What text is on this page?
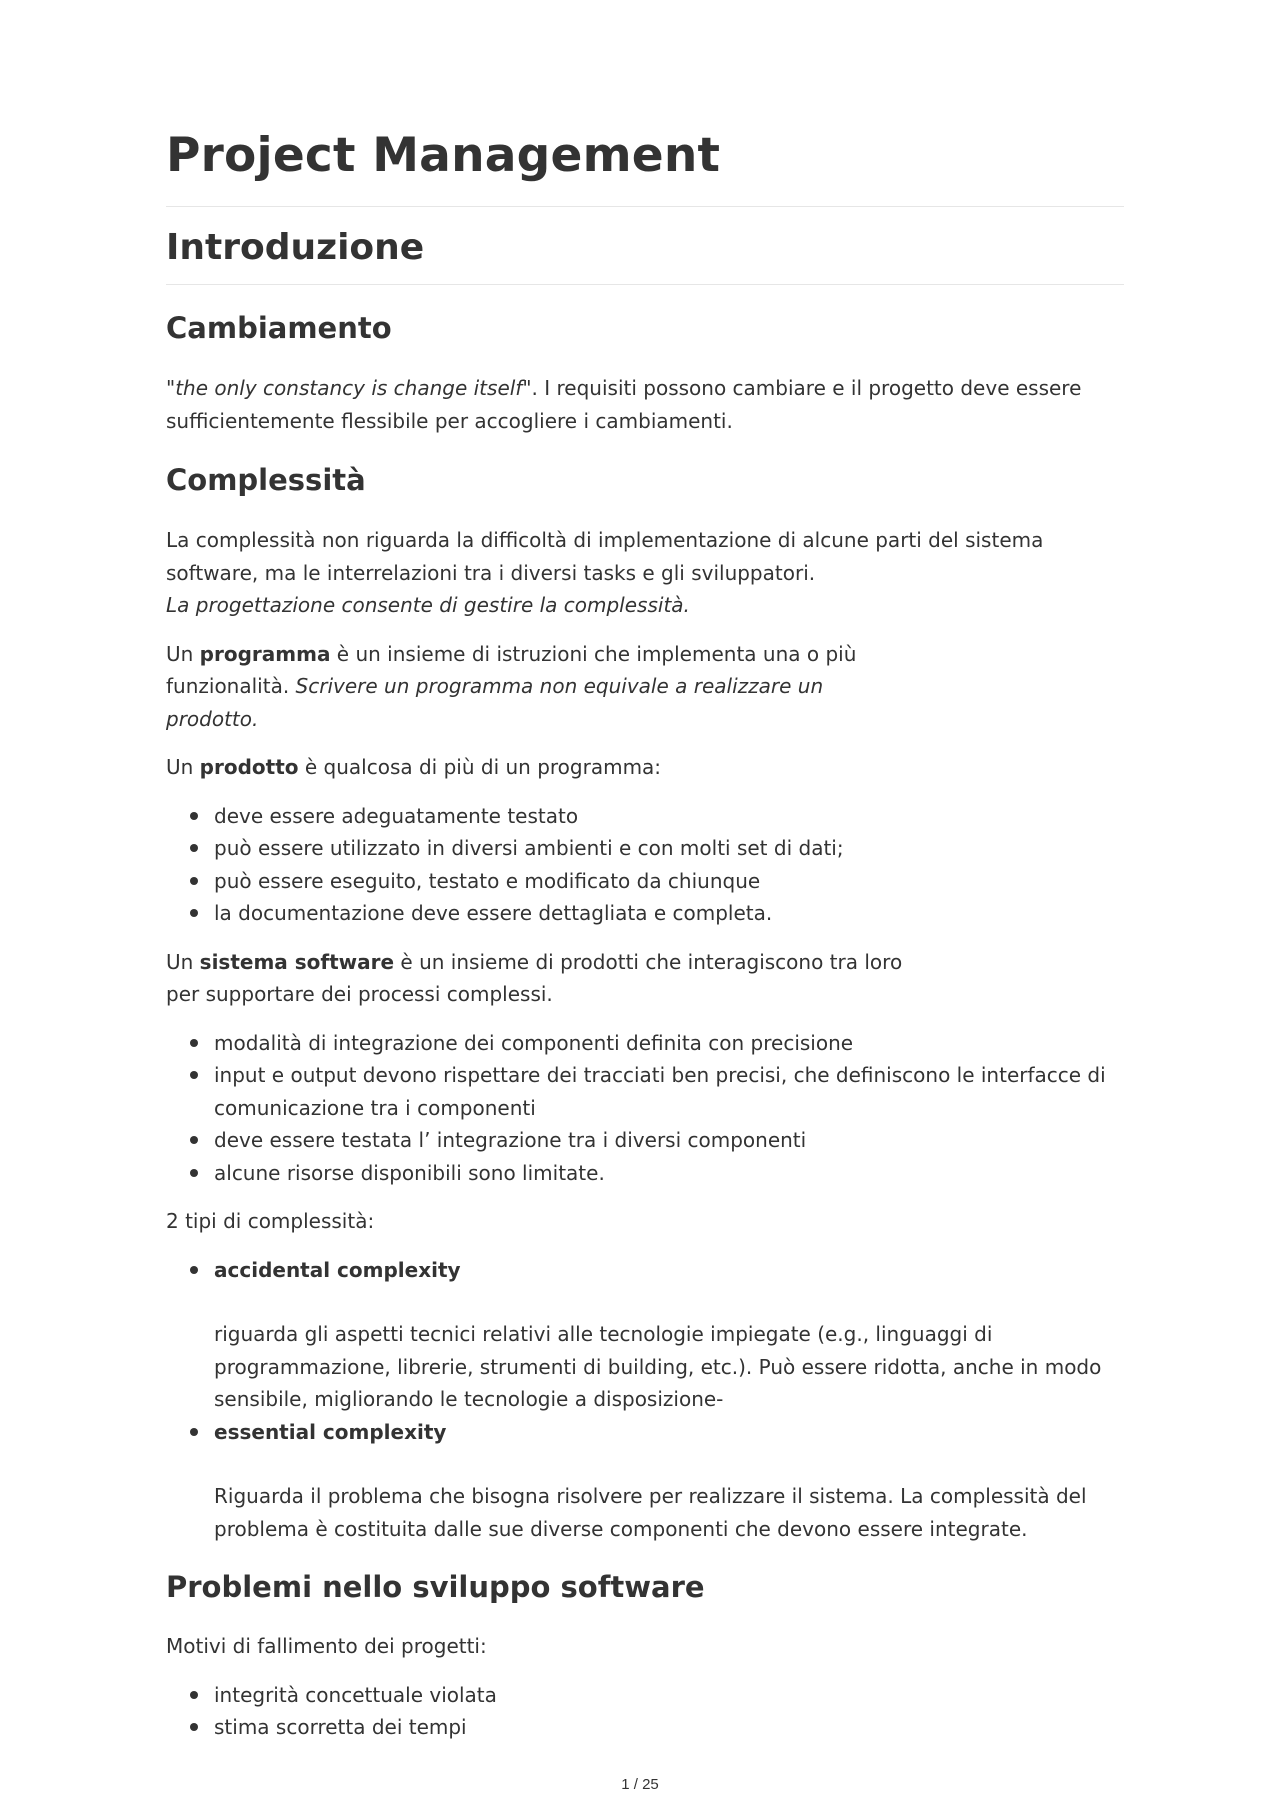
Project Management
Introduzione
Cambiamento

"the only constancy is change itself". I requisiti possono cambiare e il progetto deve essere sufficientemente flessibile per accogliere i cambiamenti.

Complessità

La complessità non riguarda la difficoltà di implementazione di alcune parti del sistema software, ma le interrelazioni tra i diversi tasks e gli sviluppatori.
La progettazione consente di gestire la complessità.

Un programma è un insieme di istruzioni che implementa una o più
funzionalità. Scrivere un programma non equivale a realizzare un
prodotto.

Un prodotto è qualcosa di più di un programma:

deve essere adeguatamente testato
può essere utilizzato in diversi ambienti e con molti set di dati;
può essere eseguito, testato e modificato da chiunque
la documentazione deve essere dettagliata e completa.

Un sistema software è un insieme di prodotti che interagiscono tra loro
per supportare dei processi complessi.

modalità di integrazione dei componenti definita con precisione
input e output devono rispettare dei tracciati ben precisi, che definiscono le interfacce di comunicazione tra i componenti
deve essere testata l’ integrazione tra i diversi componenti
alcune risorse disponibili sono limitate.

2 tipi di complessità:

accidental complexity
riguarda gli aspetti tecnici relativi alle tecnologie impiegate (e.g., linguaggi di programmazione, librerie, strumenti di building, etc.). Può essere ridotta, anche in modo sensibile, migliorando le tecnologie a disposizione-
essential complexity
Riguarda il problema che bisogna risolvere per realizzare il sistema. La complessità del problema è costituita dalle sue diverse componenti che devono essere integrate.
Problemi nello sviluppo software

Motivi di fallimento dei progetti:

integrità concettuale violata
stima scorretta dei tempi
1 / 25
